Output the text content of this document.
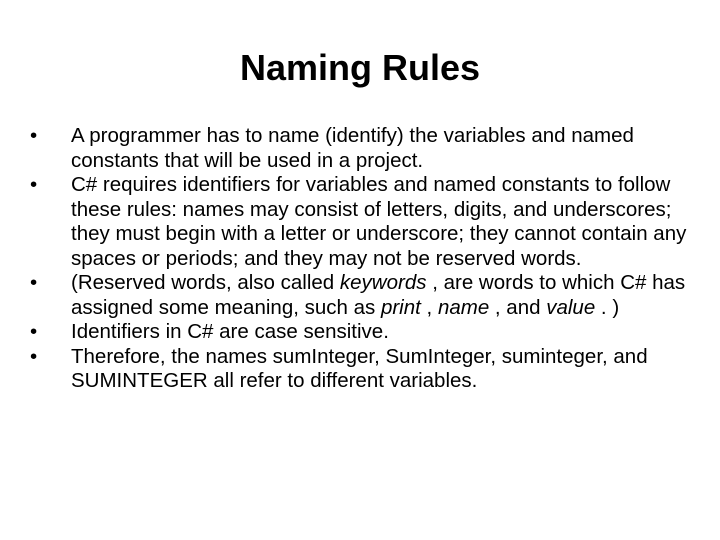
Naming Rules
•	A programmer has to name (identify) the variables and named constants that will be used in a project.
•	C# requires identifiers for variables and named constants to follow these rules: names may consist of letters, digits, and underscores; they must begin with a letter or underscore; they cannot contain any spaces or periods; and they may not be reserved words.
•	(Reserved words, also called keywords , are words to which C# has assigned some meaning, such as print , name , and value . )
•	Identifiers in C# are case sensitive.
•	Therefore, the names sumInteger, SumInteger, suminteger, and SUMINTEGER all refer to different variables.
